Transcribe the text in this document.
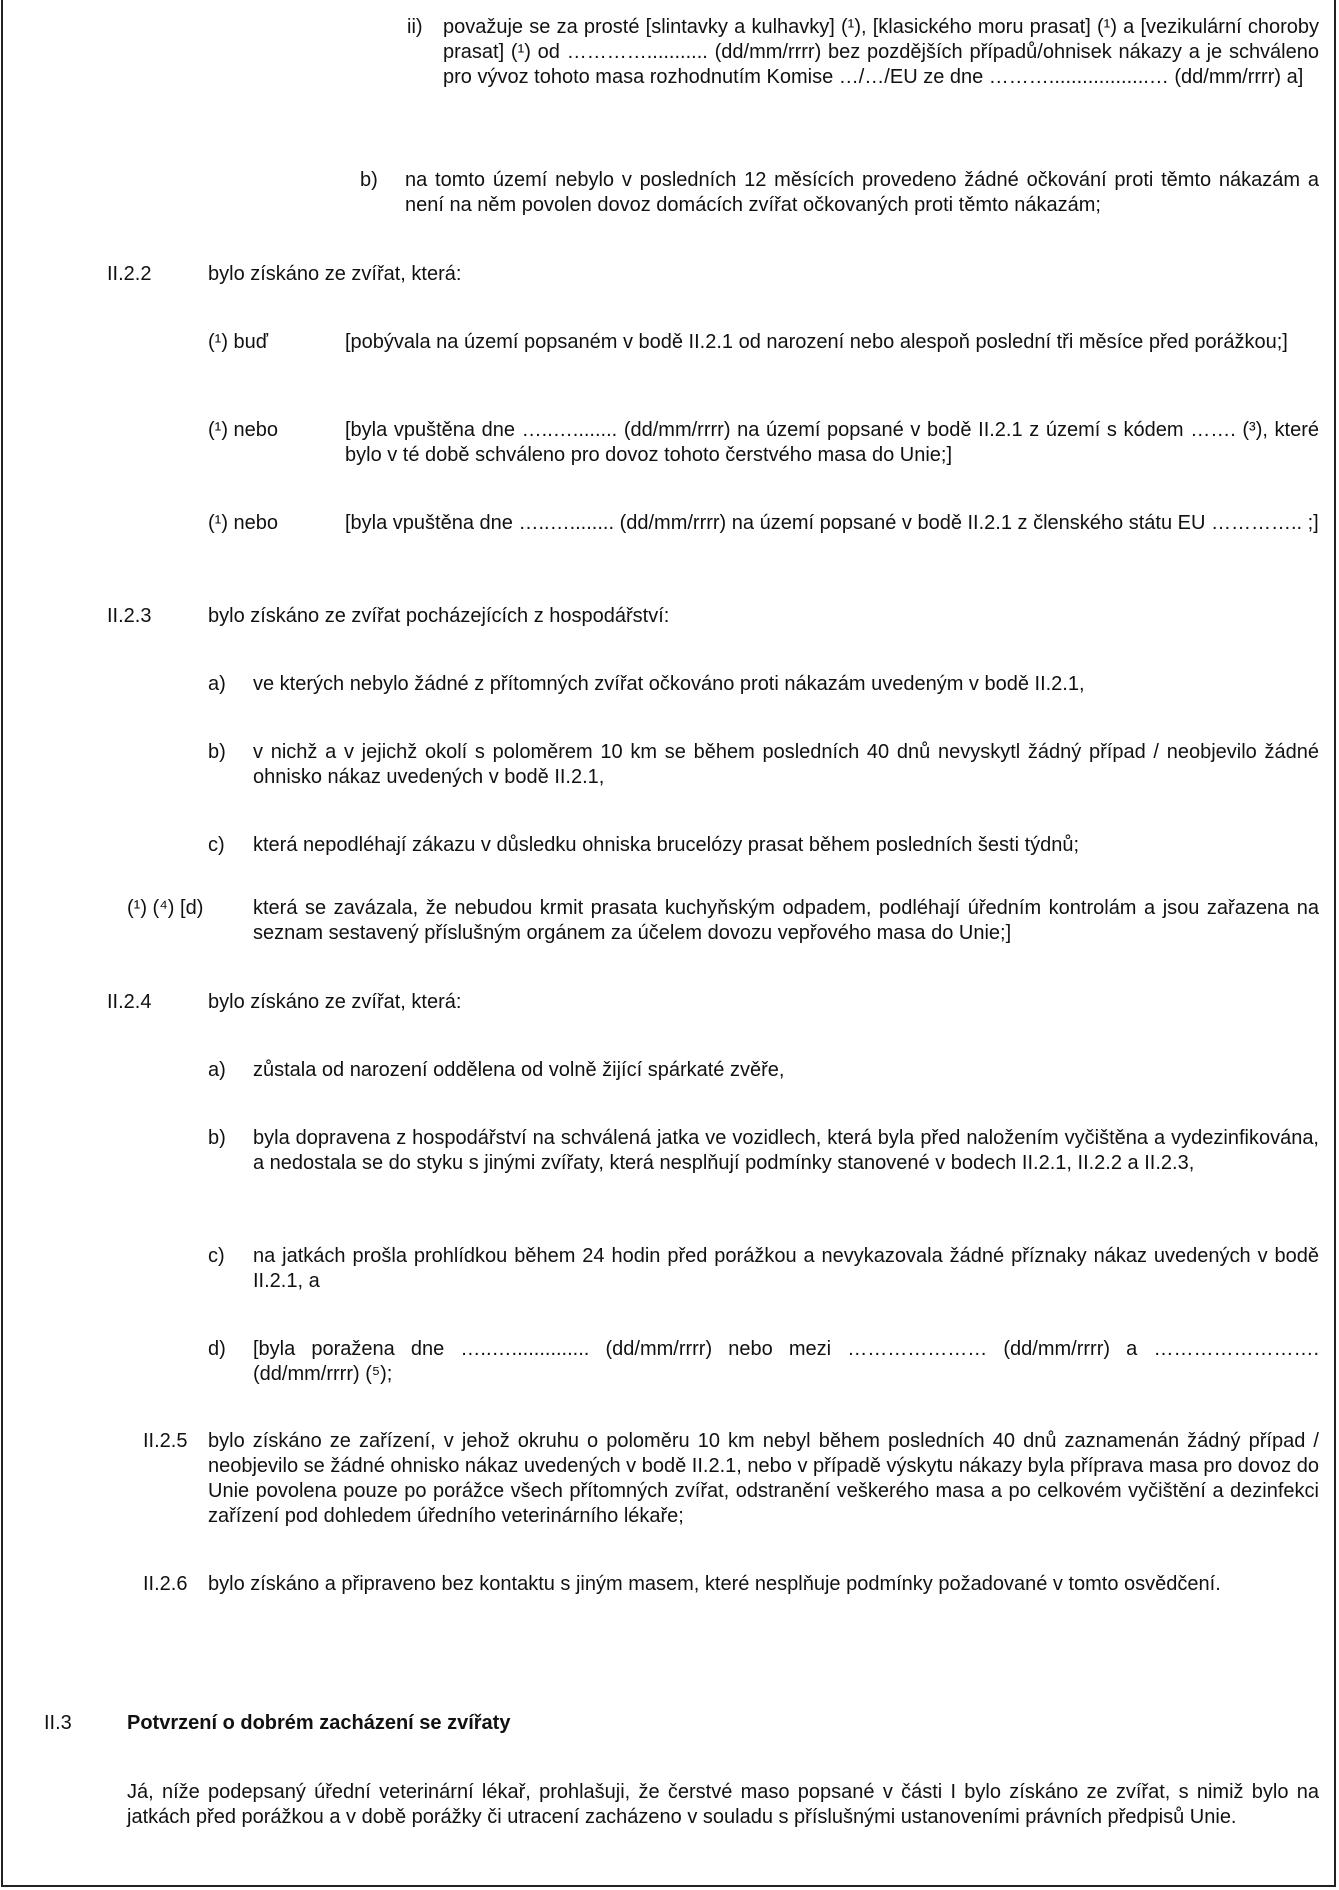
ii) považuje se za prosté [slintavky a kulhavky] (¹), [klasického moru prasat] (¹) a [vezikulární choroby prasat] (¹) od …………........... (dd/mm/rrrr) bez pozdějších případů/ohnisek nákazy a je schváleno pro vývoz tohoto masa rozhodnutím Komise …/…/EU ze dne ………..................… (dd/mm/rrrr) a]
b) na tomto území nebylo v posledních 12 měsících provedeno žádné očkování proti těmto nákazám a není na něm povolen dovoz domácích zvířat očkovaných proti těmto nákazám;
II.2.2	bylo získáno ze zvířat, která:
(¹) buď	[pobývala na území popsaném v bodě II.2.1 od narození nebo alespoň poslední tři měsíce před porážkou;]
(¹) nebo	[byla vpuštěna dne …..…........ (dd/mm/rrrr) na území popsané v bodě II.2.1 z území s kódem ……. (³), které bylo v té době schváleno pro dovoz tohoto čerstvého masa do Unie;]
(¹) nebo	[byla vpuštěna dne …..…........ (dd/mm/rrrr) na území popsané v bodě II.2.1 z členského státu EU ………….. ;]
II.2.3	bylo získáno ze zvířat pocházejících z hospodářství:
a) ve kterých nebylo žádné z přítomných zvířat očkováno proti nákazám uvedeným v bodě II.2.1,
b) v nichž a v jejichž okolí s poloměrem 10 km se během posledních 40 dnů nevyskytl žádný případ / neobjevilo žádné ohnisko nákaz uvedených v bodě II.2.1,
c) která nepodléhají zákazu v důsledku ohniska brucelózy prasat během posledních šesti týdnů;
(¹) (⁴) [d) která se zavázala, že nebudou krmit prasata kuchyňským odpadem, podléhají úředním kontrolám a jsou zařazena na seznam sestavený příslušným orgánem za účelem dovozu vepřového masa do Unie;]
II.2.4	bylo získáno ze zvířat, která:
a) zůstala od narození oddělena od volně žijící spárkaté zvěře,
b) byla dopravena z hospodářství na schválená jatka ve vozidlech, která byla před naložením vyčištěna a vydezinfikována, a nedostala se do styku s jinými zvířaty, která nesplňují podmínky stanovené v bodech II.2.1, II.2.2 a II.2.3,
c) na jatkách prošla prohlídkou během 24 hodin před porážkou a nevykazovala žádné příznaky nákaz uvedených v bodě II.2.1, a
d) [byla poražena dne …..….............. (dd/mm/rrrr) nebo mezi ………………… (dd/mm/rrrr) a ……………………. (dd/mm/rrrr) (⁵);
II.2.5 bylo získáno ze zařízení, v jehož okruhu o poloměru 10 km nebyl během posledních 40 dnů zaznamenán žádný případ / neobjevilo se žádné ohnisko nákaz uvedených v bodě II.2.1, nebo v případě výskytu nákazy byla příprava masa pro dovoz do Unie povolena pouze po porážce všech přítomných zvířat, odstranění veškerého masa a po celkovém vyčištění a dezinfekci zařízení pod dohledem úředního veterinárního lékaře;
II.2.6 bylo získáno a připraveno bez kontaktu s jiným masem, které nesplňuje podmínky požadované v tomto osvědčení.
II.3	Potvrzení o dobrém zacházení se zvířaty
Já, níže podepsaný úřední veterinární lékař, prohlašuji, že čerstvé maso popsané v části I bylo získáno ze zvířat, s nimiž bylo na jatkách před porážkou a v době porážky či utracení zacházeno v souladu s příslušnými ustanoveními právních předpisů Unie.
